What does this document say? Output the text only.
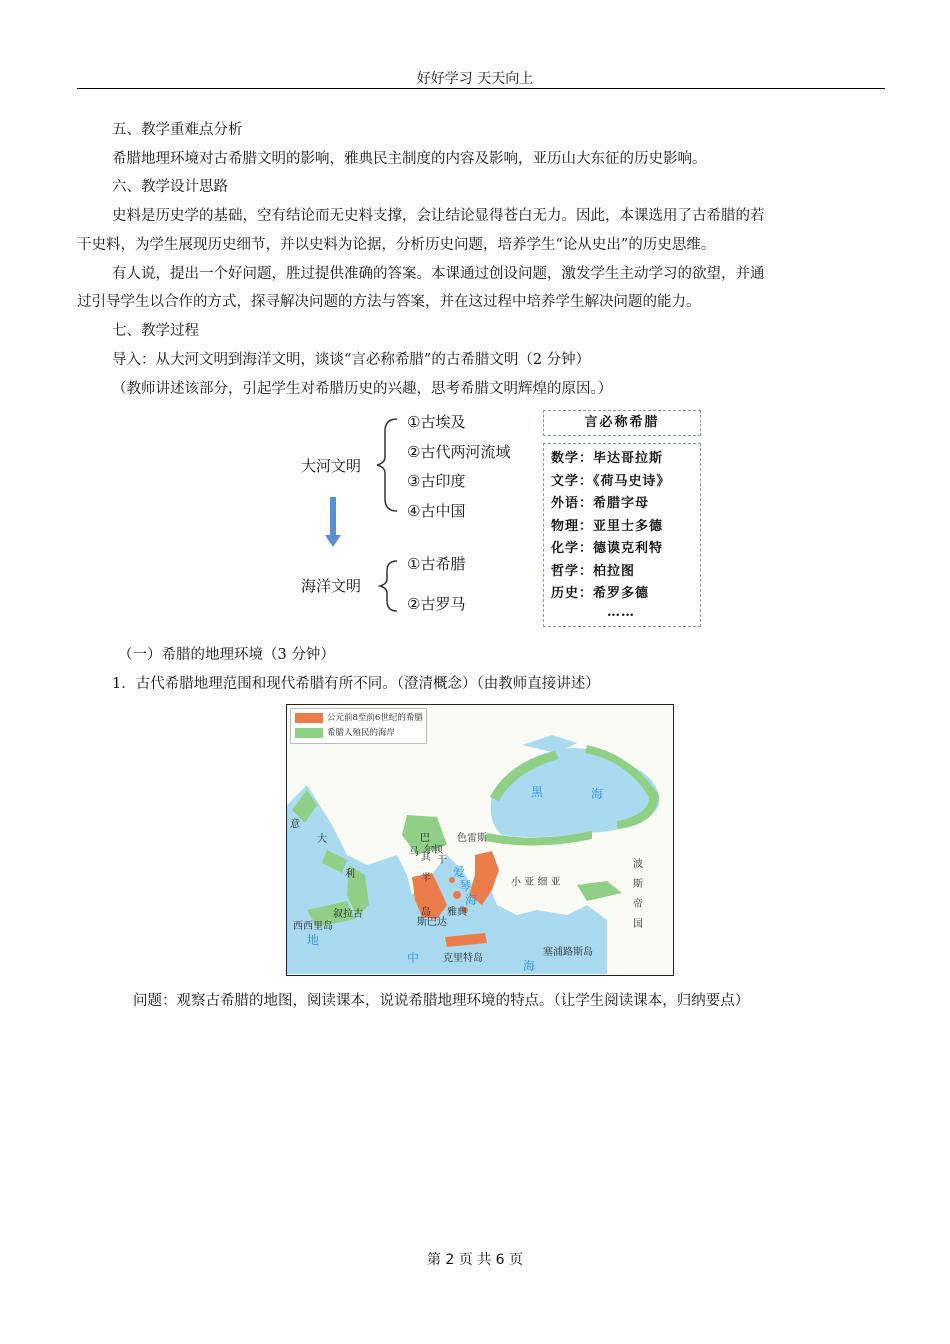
好好学习 天天向上
五、教学重难点分析
希腊地理环境对古希腊文明的影响，雅典民主制度的内容及影响，亚历山大东征的历史影响。
六、教学设计思路
史料是历史学的基础，空有结论而无史料支撑，会让结论显得苍白无力。因此，本课选用了古希腊的若
干史料，为学生展现历史细节，并以史料为论据，分析历史问题，培养学生“论从史出”的历史思维。
有人说，提出一个好问题，胜过提供准确的答案。本课通过创设问题，激发学生主动学习的欲望，并通
过引导学生以合作的方式，探寻解决问题的方法与答案，并在这过程中培养学生解决问题的能力。
七、教学过程
导入：从大河文明到海洋文明，谈谈“言必称希腊”的古希腊文明（2 分钟）
（教师讲述该部分，引起学生对希腊历史的兴趣，思考希腊文明辉煌的原因。）
大河文明
①古埃及
②古代两河流域
③古印度
④古中国
海洋文明
①古希腊
②古罗马
言必称希腊
数学：毕达哥拉斯
文学：《荷马史诗》
外语：希腊字母
物理：亚里士多德
化学：德谟克利特
哲学：柏拉图
历史：希罗多德
……
（一）希腊的地理环境（3 分钟）
1．古代希腊地理范围和现代希腊有所不同。（澄清概念）（由教师直接讲述）
公元前8至前6世纪的希腊
希腊人殖民的海岸
黑	海
爱
琴
海
地
中
海
意
大
利
巴
尔
干
色雷斯
马 其
顿
半
岛
小 亚 细 亚
波
斯
帝
国
叙拉古
西西里岛
雅典
斯巴达
克里特岛
塞浦路斯岛
问题：观察古希腊的地图，阅读课本，说说希腊地理环境的特点。（让学生阅读课本，归纳要点）
第 2 页 共 6 页
